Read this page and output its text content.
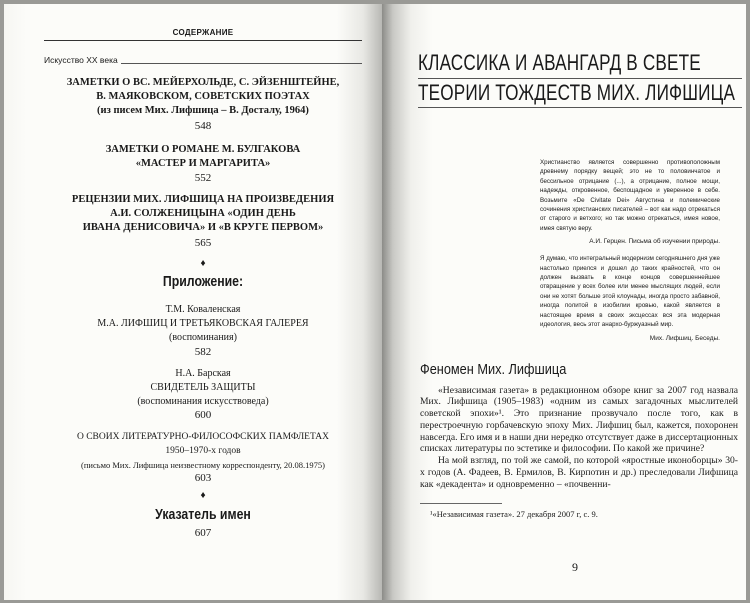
СОДЕРЖАНИЕ
Искусство XX века
ЗАМЕТКИ О ВС. МЕЙЕРХОЛЬДЕ, С. ЭЙЗЕНШТЕЙНЕ,
В. МАЯКОВСКОМ, СОВЕТСКИХ ПОЭТАХ
(из писем Мих. Лифшица – В. Досталу, 1964)
548
ЗАМЕТКИ О РОМАНЕ М. БУЛГАКОВА
«МАСТЕР И МАРГАРИТА»
552
РЕЦЕНЗИИ МИХ. ЛИФШИЦА НА ПРОИЗВЕДЕНИЯ
А.И. СОЛЖЕНИЦЫНА «ОДИН ДЕНЬ
ИВАНА ДЕНИСОВИЧА» И «В КРУГЕ ПЕРВОМ»
565
♦
Приложение:
Т.М. Коваленская
М.А. ЛИФШИЦ И ТРЕТЬЯКОВСКАЯ ГАЛЕРЕЯ
(воспоминания)
582
Н.А. Барская
СВИДЕТЕЛЬ ЗАЩИТЫ
(воспоминания искусствоведа)
600
О СВОИХ ЛИТЕРАТУРНО-ФИЛОСОФСКИХ ПАМФЛЕТАХ
1950–1970-х годов
(письмо Мих. Лифшица неизвестному корреспонденту, 20.08.1975)
603
♦
Указатель имен
607
КЛАССИКА И АВАНГАРД В СВЕТЕ
ТЕОРИИ ТОЖДЕСТВ МИХ. ЛИФШИЦА
Христианство является совершенно противоположным древнему порядку вещей; это не то половинчатое и бессильное отрицание (...), а отрицание, полное мощи, надежды, откровенное, беспощадное и уверенное в себе. Возьмите «De Civitate Dei» Августина и полемические сочинения христианских писателей – вот как надо отрекаться от старого и ветхого; но так можно отрекаться, имея новое, имея святую веру.
А.И. Герцен. Письма об изучении природы.
Я думаю, что интегральный модернизм сегодняшнего дня уже настолько приелся и дошел до таких крайностей, что он должен вызвать в конце концов совершеннейшее отвращение у всех более или менее мыслящих людей, если они не хотят больше этой клоунады, иногда просто забавной, иногда политой в изобилии кровью, какой является в настоящее время в своих эксцессах вся эта модерная идеология, весь этот анархо-буржуазный мир.
Мих. Лифшиц. Беседы.
Феномен Мих. Лифшица

«Независимая газета» в редакционном обзоре книг за 2007 год назвала Мих. Лифшица (1905–1983) «одним из самых загадочных мыслителей советской эпохи»¹. Это признание прозвучало после того, как в перестроечную горбачевскую эпоху Мих. Лифшиц был, кажется, похоронен навсегда. Его имя и в наши дни нередко отсутствует даже в диссертационных списках литературы по эстетике и философии. По какой же причине?

На мой взгляд, по той же самой, по которой «яростные иконоборцы» 30-х годов (А. Фадеев, В. Ермилов, В. Кирпотин и др.) преследовали Лифшица как «декадента» и одновременно – «почвенни-

¹«Независимая газета». 27 декабря 2007 г, с. 9.
9
